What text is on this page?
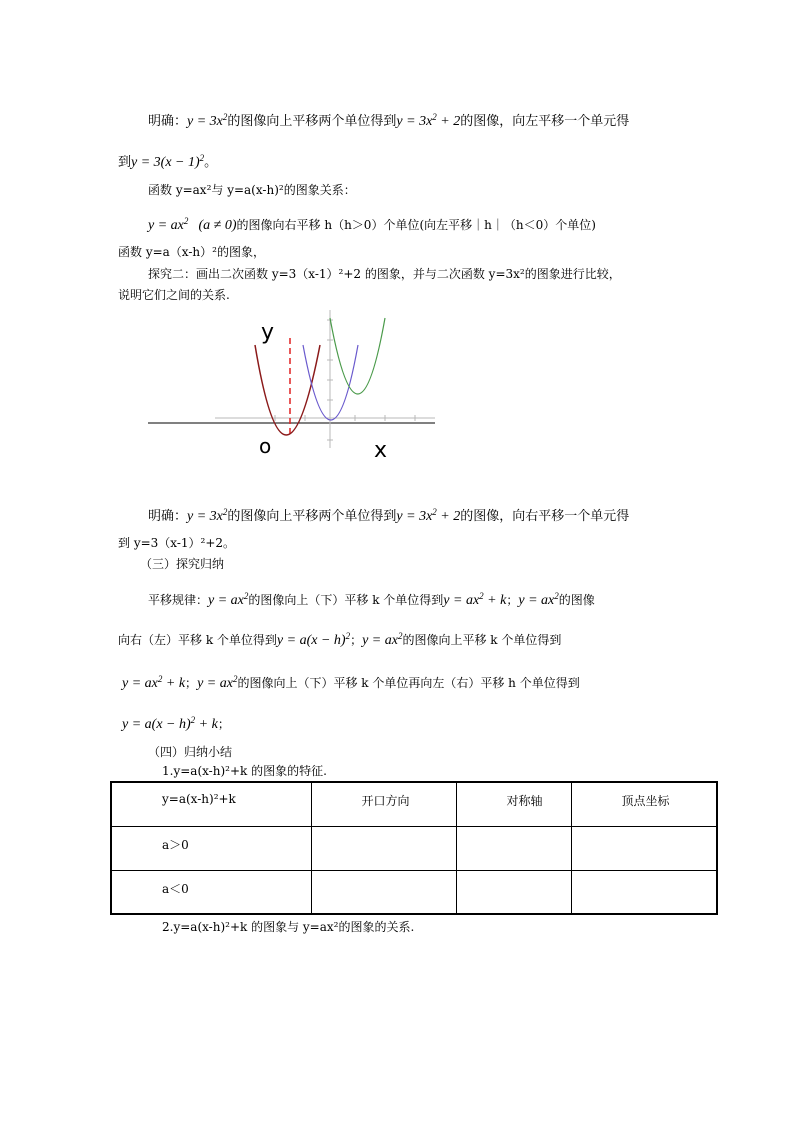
明确：$y = 3x^2$的图像向上平移两个单位得到$y = 3x^2 + 2$的图像，向左平移一个单元得
到$y = 3(x - 1)^2$。
函数 y=ax²与 y=a(x-h)²的图象关系：
$y = ax^2$ (a ≠ 0)的图像向右平移 h（h＞0）个单位(向左平移｜h｜（h＜0）个单位)
函数 y=a（x-h）²的图象，
探究二：画出二次函数 y=3（x-1）²+2 的图象，并与二次函数 y=3x²的图象进行比较，
说明它们之间的关系.
y
o	x
明确：$y = 3x^2$的图像向上平移两个单位得到$y = 3x^2 + 2$的图像，向右平移一个单元得
到 y=3（x-1）²+2。
（三）探究归纳
平移规律：$y = ax^2$的图像向上（下）平移 k 个单位得到$y = ax^2 + k$；$y = ax^2$的图像
向右（左）平移 k 个单位得到$y = a(x - h)^2$；$y = ax^2$的图像向上平移 k 个单位得到
$y = ax^2 + k$；$y = ax^2$的图像向上（下）平移 k 个单位再向左（右）平移 h 个单位得到
$y = a(x - h)^2 + k$；
（四）归纳小结
1.y=a(x-h)²+k 的图象的特征.
y=a(x-h)²+k	开口方向	对称轴	顶点坐标

a＞0			

a＜0			

2.y=a(x-h)²+k 的图象与 y=ax²的图象的关系.
